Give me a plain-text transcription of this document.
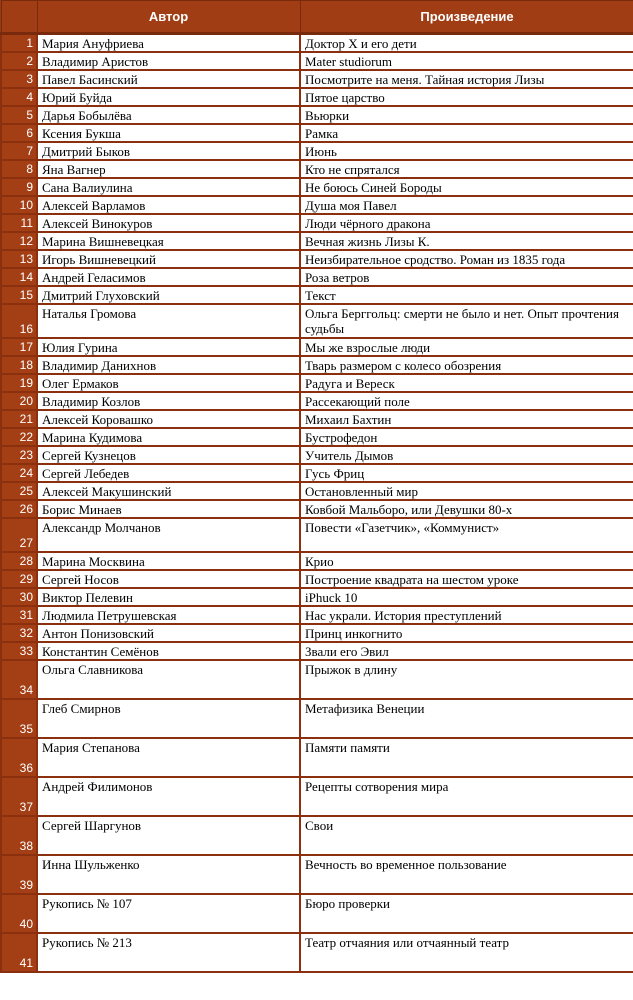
	Автор	Произведение
1	Мария Ануфриева	Доктор Х и его дети
2	Владимир Аристов	Mater studiorum
3	Павел Басинский	Посмотрите на меня. Тайная история Лизы
4	Юрий Буйда	Пятое царство
5	Дарья Бобылёва	Вьюрки
6	Ксения Букша	Рамка
7	Дмитрий Быков	Июнь
8	Яна Вагнер	Кто не спрятался
9	Сана Валиулина	Не боюсь Синей Бороды
10	Алексей Варламов	Душа моя Павел
11	Алексей Винокуров	Люди чёрного дракона
12	Марина Вишневецкая	Вечная жизнь Лизы К.
13	Игорь Вишневецкий	Неизбирательное сродство. Роман из 1835 года
14	Андрей Геласимов	Роза ветров
15	Дмитрий Глуховский	Текст
16	Наталья Громова	Ольга Берггольц: смерти не было и нет. Опыт прочтения судьбы
17	Юлия Гурина	Мы же взрослые люди
18	Владимир Данихнов	Тварь размером с колесо обозрения
19	Олег Ермаков	Радуга и Вереск
20	Владимир Козлов	Рассекающий поле
21	Алексей Коровашко	Михаил Бахтин
22	Марина Кудимова	Бустрофедон
23	Сергей Кузнецов	Учитель Дымов
24	Сергей Лебедев	Гусь Фриц
25	Алексей Макушинский	Остановленный мир
26	Борис Минаев	Ковбой Мальборо, или Девушки 80-х
27	Александр Молчанов	Повести «Газетчик», «Коммунист»
28	Марина Москвина	Крио
29	Сергей Носов	Построение квадрата на шестом уроке
30	Виктор Пелевин	iPhuck 10
31	Людмила Петрушевская	Нас украли. История преступлений
32	Антон Понизовский	Принц инкогнито
33	Константин Семёнов	Звали его Эвил
34	Ольга Славникова	Прыжок в длину
35	Глеб Смирнов	Метафизика Венеции
36	Мария Степанова	Памяти памяти
37	Андрей Филимонов	Рецепты сотворения мира
38	Сергей Шаргунов	Свои
39	Инна Шульженко	Вечность во временное пользование
40	Рукопись № 107	Бюро проверки
41	Рукопись № 213	Театр отчаяния или отчаянный театр
